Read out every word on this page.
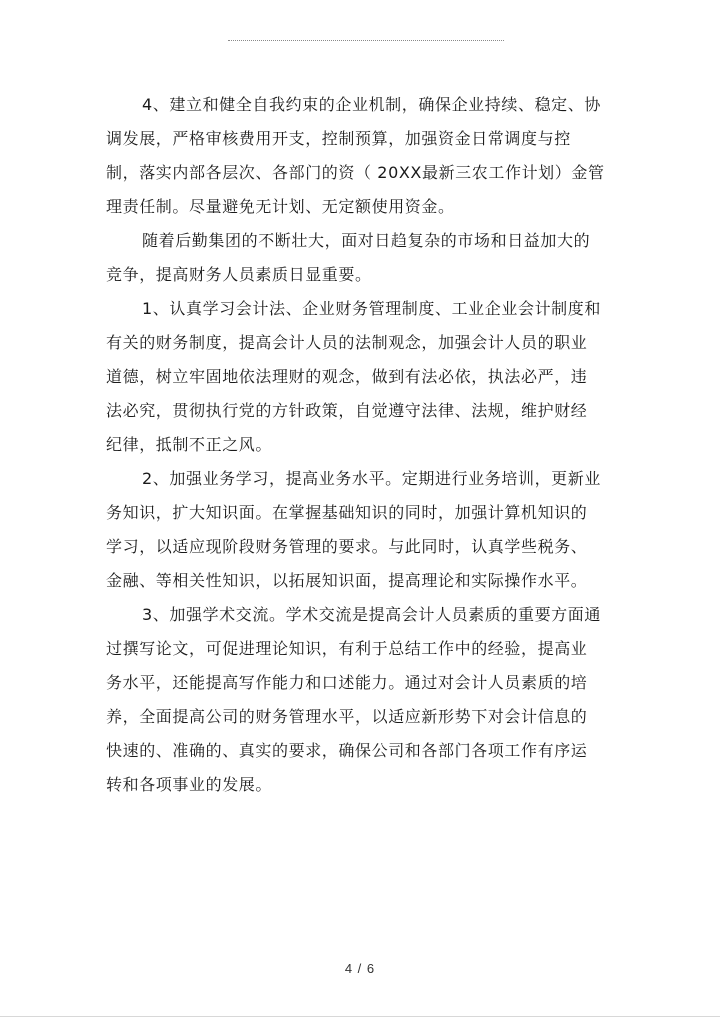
4、建立和健全自我约束的企业机制，确保企业持续、稳定、协
调发展，严格审核费用开支，控制预算，加强资金日常调度与控
制，落实内部各层次、各部门的资（ 20XX最新三农工作计划）金管
理责任制。尽量避免无计划、无定额使用资金。

随着后勤集团的不断壮大，面对日趋复杂的市场和日益加大的
竞争，提高财务人员素质日显重要。

1、认真学习会计法、企业财务管理制度、工业企业会计制度和
有关的财务制度，提高会计人员的法制观念，加强会计人员的职业
道德，树立牢固地依法理财的观念，做到有法必依，执法必严，违
法必究，贯彻执行党的方针政策，自觉遵守法律、法规，维护财经
纪律，抵制不正之风。

2、加强业务学习，提高业务水平。定期进行业务培训，更新业
务知识，扩大知识面。在掌握基础知识的同时，加强计算机知识的
学习，以适应现阶段财务管理的要求。与此同时，认真学些税务、
金融、等相关性知识，以拓展知识面，提高理论和实际操作水平。

3、加强学术交流。学术交流是提高会计人员素质的重要方面通
过撰写论文，可促进理论知识，有利于总结工作中的经验，提高业
务水平，还能提高写作能力和口述能力。通过对会计人员素质的培
养，全面提高公司的财务管理水平，以适应新形势下对会计信息的
快速的、准确的、真实的要求，确保公司和各部门各项工作有序运
转和各项事业的发展。

4 / 6
